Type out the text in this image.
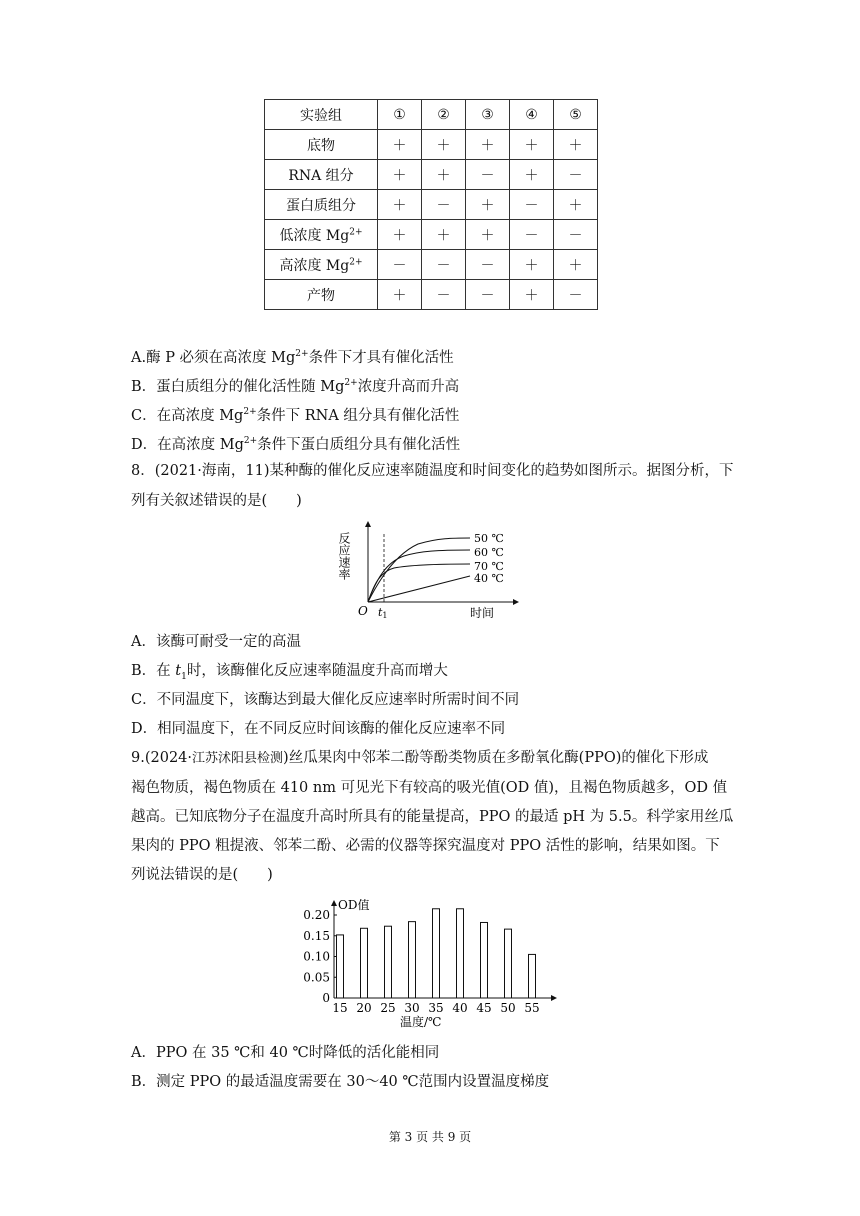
实验组	①	②	③	④	⑤
底物	＋	＋	＋	＋	＋
RNA 组分	＋	＋	－	＋	－
蛋白质组分	＋	－	＋	－	＋
低浓度 $Mg^{2+}$	＋	＋	＋	－	－
高浓度 $Mg^{2+}$	－	－	－	＋	＋
产物	＋	－	－	＋	－
A.酶 P 必须在高浓度 $Mg^{2+}$条件下才具有催化活性
B．蛋白质组分的催化活性随 $Mg^{2+}$浓度升高而升高
C．在高浓度 $Mg^{2+}$条件下 RNA 组分具有催化活性
D．在高浓度 $Mg^{2+}$条件下蛋白质组分具有催化活性
8．(2021·海南，11)某种酶的催化反应速率随温度和时间变化的趋势如图所示。据图分析，下
列有关叙述错误的是(　　)
50 ℃
60 ℃
70 ℃
40 ℃
O t1	时间
反应速率
A．该酶可耐受一定的高温
B．在 $t_1$时，该酶催化反应速率随温度升高而增大
C．不同温度下，该酶达到最大催化反应速率时所需时间不同
D．相同温度下，在不同反应时间该酶的催化反应速率不同
9.(2024·江苏沭阳县检测)丝瓜果肉中邻苯二酚等酚类物质在多酚氧化酶(PPO)的催化下形成
褐色物质，褐色物质在 410 nm 可见光下有较高的吸光值(OD 值)，且褐色物质越多，OD 值
越高。已知底物分子在温度升高时所具有的能量提高，PPO 的最适 pH 为 5.5。科学家用丝瓜
果肉的 PPO 粗提液、邻苯二酚、必需的仪器等探究温度对 PPO 活性的影响，结果如图。下
列说法错误的是(　　)
OD值
温度/℃
0
0.05
0.10
0.15
0.20
15 20 25 30 35 40 45 50 55
A．PPO 在 35 ℃和 40 ℃时降低的活化能相同
B．测定 PPO 的最适温度需要在 30～40 ℃范围内设置温度梯度
第 3 页 共 9 页
